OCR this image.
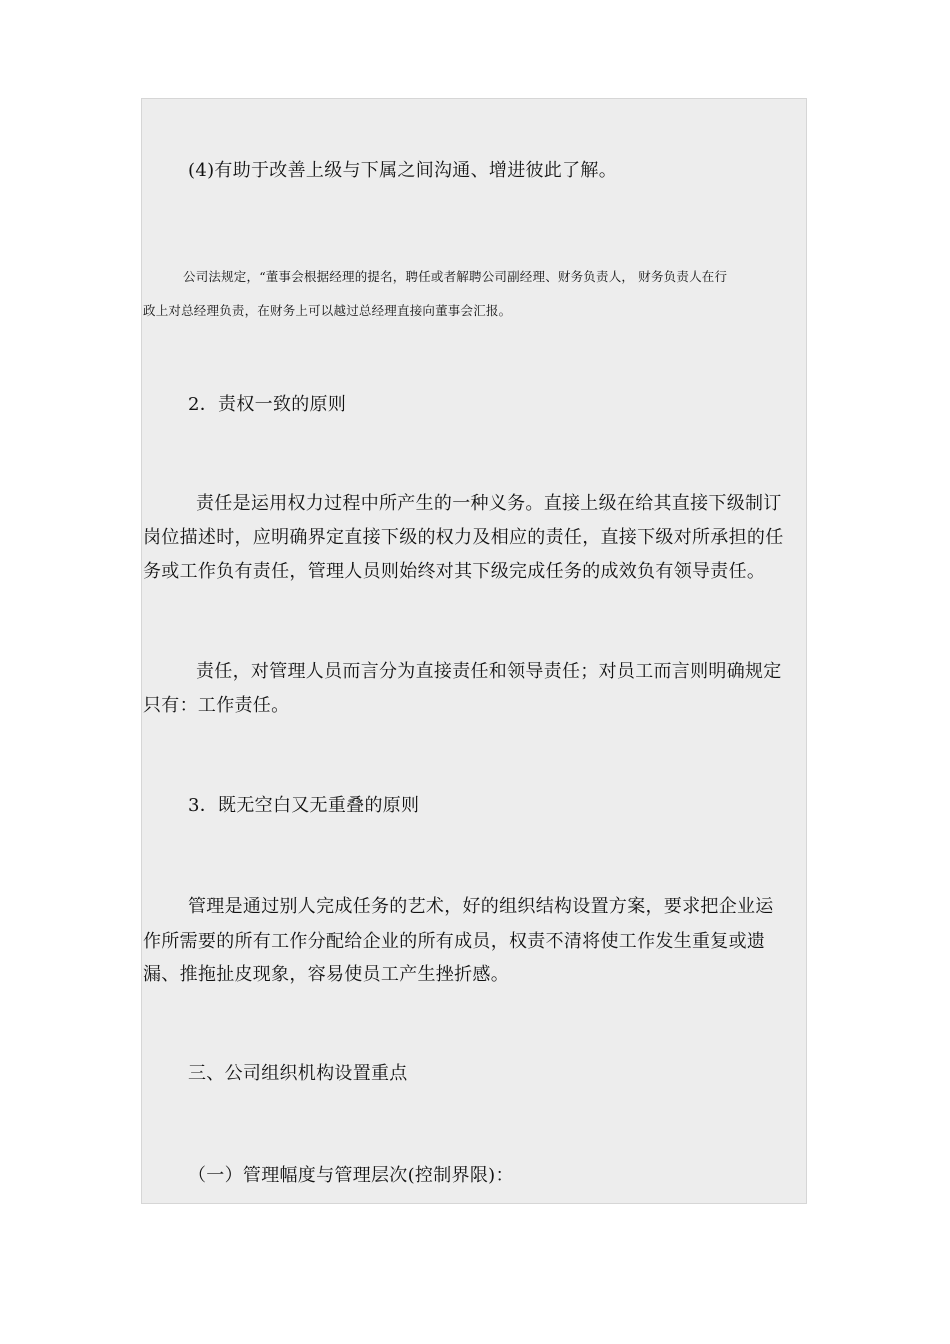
(4)有助于改善上级与下属之间沟通、增进彼此了解。
公司法规定，“董事会根据经理的提名，聘任或者解聘公司副经理、财务负责人， 财务负责人在行
政上对总经理负责，在财务上可以越过总经理直接向董事会汇报。
2．责权一致的原则
责任是运用权力过程中所产生的一种义务。直接上级在给其直接下级制订
岗位描述时，应明确界定直接下级的权力及相应的责任，直接下级对所承担的任
务或工作负有责任，管理人员则始终对其下级完成任务的成效负有领导责任。
责任，对管理人员而言分为直接责任和领导责任；对员工而言则明确规定
只有：工作责任。
3．既无空白又无重叠的原则
管理是通过别人完成任务的艺术，好的组织结构设置方案，要求把企业运
作所需要的所有工作分配给企业的所有成员，权责不清将使工作发生重复或遗
漏、推拖扯皮现象，容易使员工产生挫折感。
三、公司组织机构设置重点
（一）管理幅度与管理层次(控制界限)：
